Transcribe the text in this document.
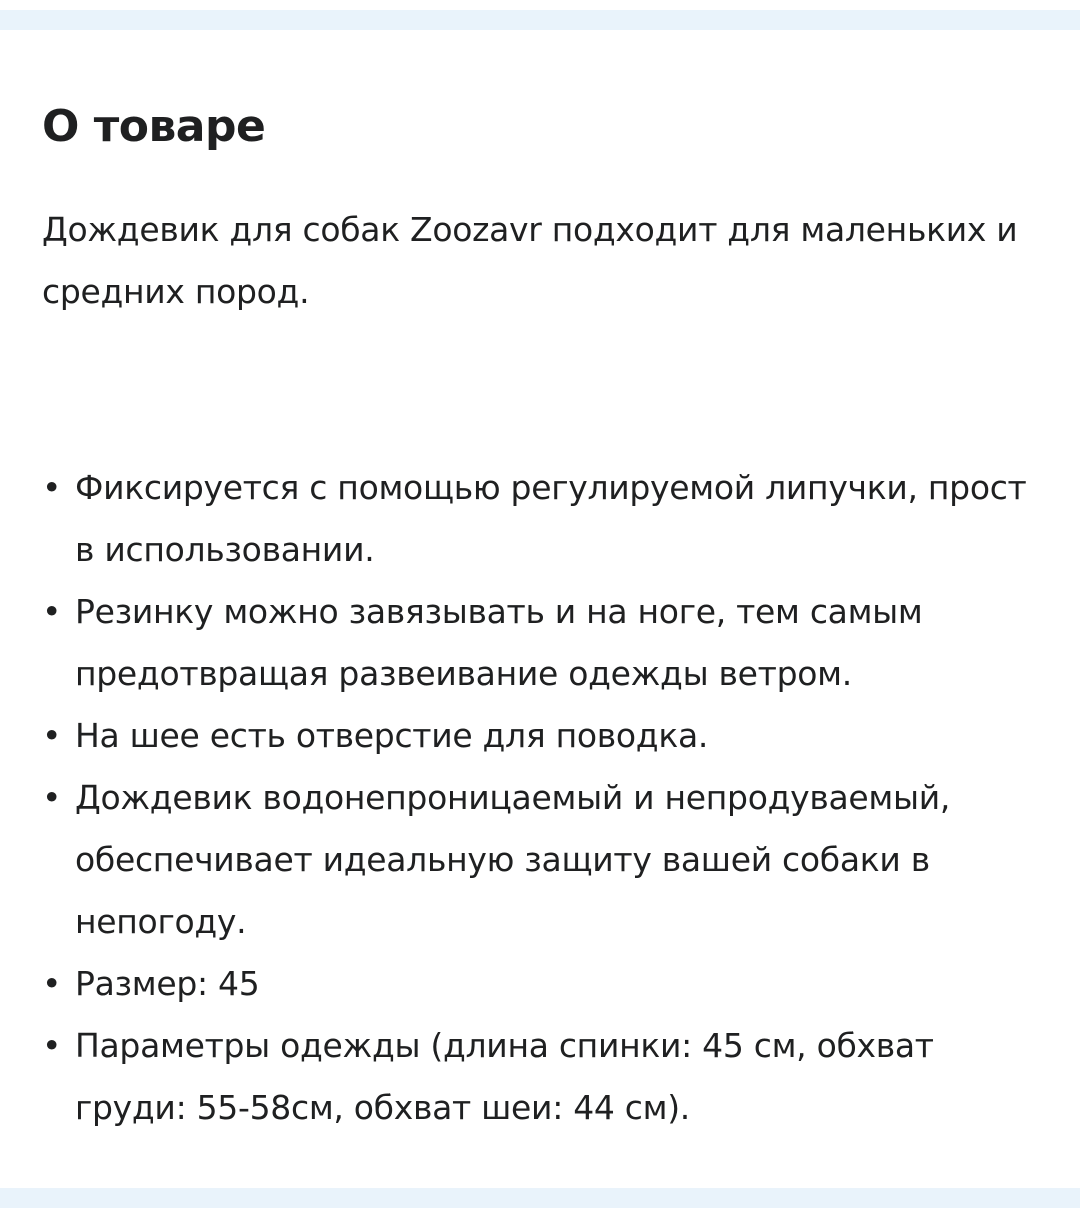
О товаре

Дождевик для собак Zoozavr подходит для маленьких и средних пород.

• Фиксируется с помощью регулируемой липучки, прост в использовании.
• Резинку можно завязывать и на ноге, тем самым предотвращая развеивание одежды ветром.
• На шее есть отверстие для поводка.
• Дождевик водонепроницаемый и непродуваемый, обеспечивает идеальную защиту вашей собаки в непогоду.
• Размер: 45
• Параметры одежды (длина спинки: 45 см, обхват груди: 55-58см, обхват шеи: 44 см).
